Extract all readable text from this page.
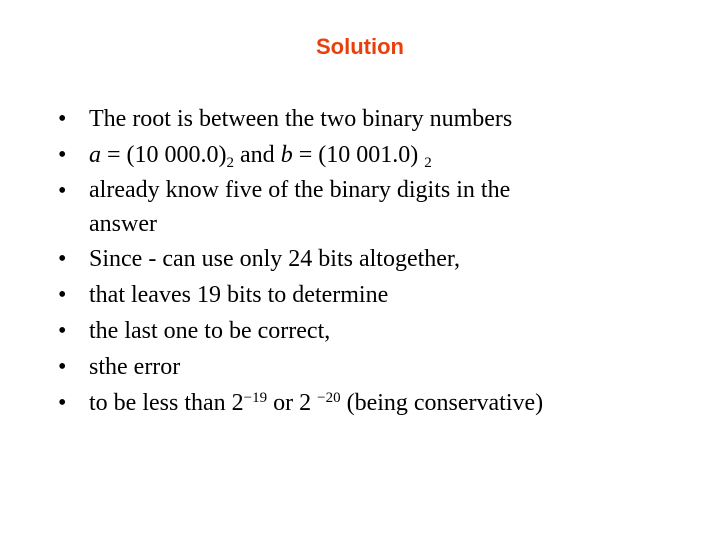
Solution
• The root is between the two binary numbers
• a = (10 $000.0)_2$ and b = (10 001.0) $_2$
• already know five of the binary digits in the
answer
• Since - can use only 24 bits altogether,
• that leaves 19 bits to determine
• the last one to be correct,
• sthe error
• to be less than $2^{-19}$ or 2 $^{-20}$ (being conservative)
